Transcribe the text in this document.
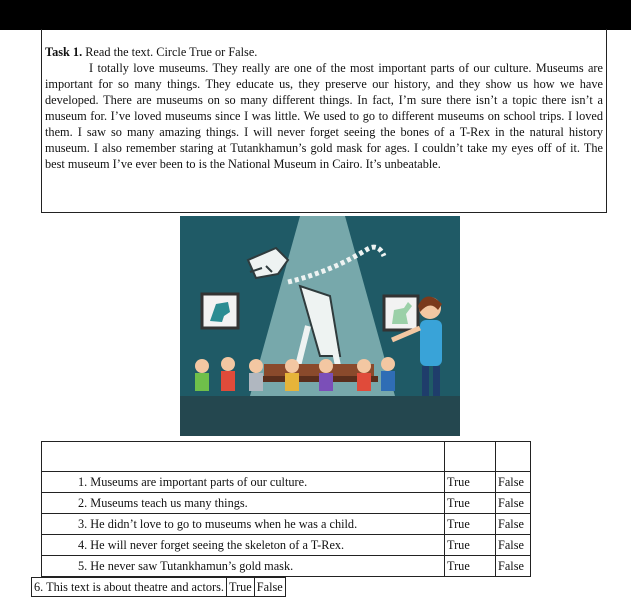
Task 1. Read the text. Circle True or False.

I totally love museums. They really are one of the most important parts of our culture. Museums are important for so many things. They educate us, they preserve our history, and they show us how we have developed. There are museums on so many different things. In fact, I’m sure there isn’t a topic there isn’t a museum for. I’ve loved museums since I was little. We used to go to different museums on school trips. I loved them. I saw so many amazing things. I will never forget seeing the bones of a T-Rex in the natural history museum. I also remember staring at Tutankhamun’s gold mask for ages. I couldn’t take my eyes off of it. The best museum I’ve ever been to is the National Museum in Cairo. It’s unbeatable.

1. Museums are important parts of our culture.	True	False
2. Museums teach us many things.	True	False
3. He didn’t love to go to museums when he was a child.	True	False
4. He will never forget seeing the skeleton of a T-Rex.	True	False
5. He never saw Tutankhamun’s gold mask.	True	False
6. This text is about theatre and actors. True False
